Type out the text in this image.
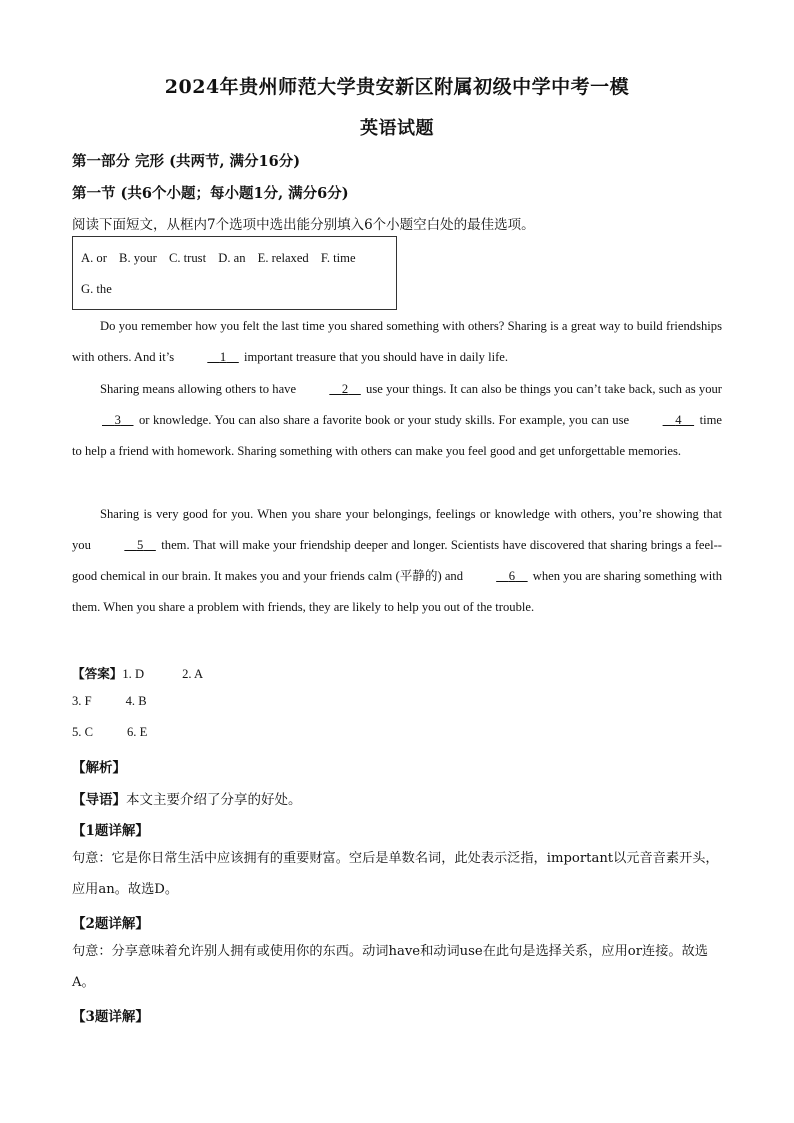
2024年贵州师范大学贵安新区附属初级中学中考一模
英语试题
第一部分 完形 (共两节, 满分16分)
第一节 (共6个小题；每小题1分, 满分6分)
阅读下面短文，从框内7个选项中选出能分别填入6个小题空白处的最佳选项。
A. or B. your C. trust D. an E. relaxed F. time
G. the
Do you remember how you felt the last time you shared something with others? Sharing is a great way to build friendships with others. And it’s	1     important treasure that you should have in daily life.
Sharing means allowing others to have	2     use your things. It can also be things you can’t take back, such as your     3     or knowledge. You can also share a favorite book or your study skills. For example, you can use	4     time to help a friend with homework. Sharing something with others can make you feel good and get unforgettable memories.
Sharing is very good for you. When you share your belongings, feelings or knowledge with others, you’re showing that you	5     them. That will make your friendship deeper and longer. Scientists have discovered that sharing brings a feel--good chemical in our brain. It makes you and your friends calm (平静的) and	6     when you are sharing something with them. When you share a problem with friends, they are likely to help you out of the trouble.
【答案】1. D	2. A
3. F	4. B
5. C	6. E
【解析】
【导语】本文主要介绍了分享的好处。
【1题详解】
句意：它是你日常生活中应该拥有的重要财富。空后是单数名词，此处表示泛指，important以元音音素开头，应用an。故选D。
【2题详解】
句意：分享意味着允许别人拥有或使用你的东西。动词have和动词use在此句是选择关系，应用or连接。故选A。
【3题详解】
